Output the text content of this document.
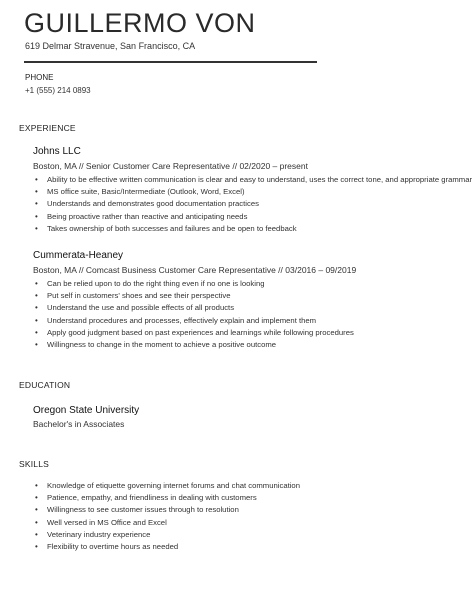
GUILLERMO VON
619 Delmar Stravenue, San Francisco, CA
PHONE
+1 (555) 214 0893
EXPERIENCE
Johns LLC
Boston, MA // Senior Customer Care Representative // 02/2020 – present
• Ability to be effective written communication is clear and easy to understand, uses the correct tone, and appropriate grammar
• MS office suite, Basic/Intermediate (Outlook, Word, Excel)
• Understands and demonstrates good documentation practices
• Being proactive rather than reactive and anticipating needs
• Takes ownership of both successes and failures and be open to feedback
Cummerata-Heaney
Boston, MA // Comcast Business Customer Care Representative // 03/2016 – 09/2019
• Can be relied upon to do the right thing even if no one is looking
• Put self in customers' shoes and see their perspective
• Understand the use and possible effects of all products
• Understand procedures and processes, effectively explain and implement them
• Apply good judgment based on past experiences and learnings while following procedures
• Willingness to change in the moment to achieve a positive outcome
EDUCATION
Oregon State University
Bachelor's in Associates
SKILLS
• Knowledge of etiquette governing internet forums and chat communication
• Patience, empathy, and friendliness in dealing with customers
• Willingness to see customer issues through to resolution
• Well versed in MS Office and Excel
• Veterinary industry experience
• Flexibility to overtime hours as needed
